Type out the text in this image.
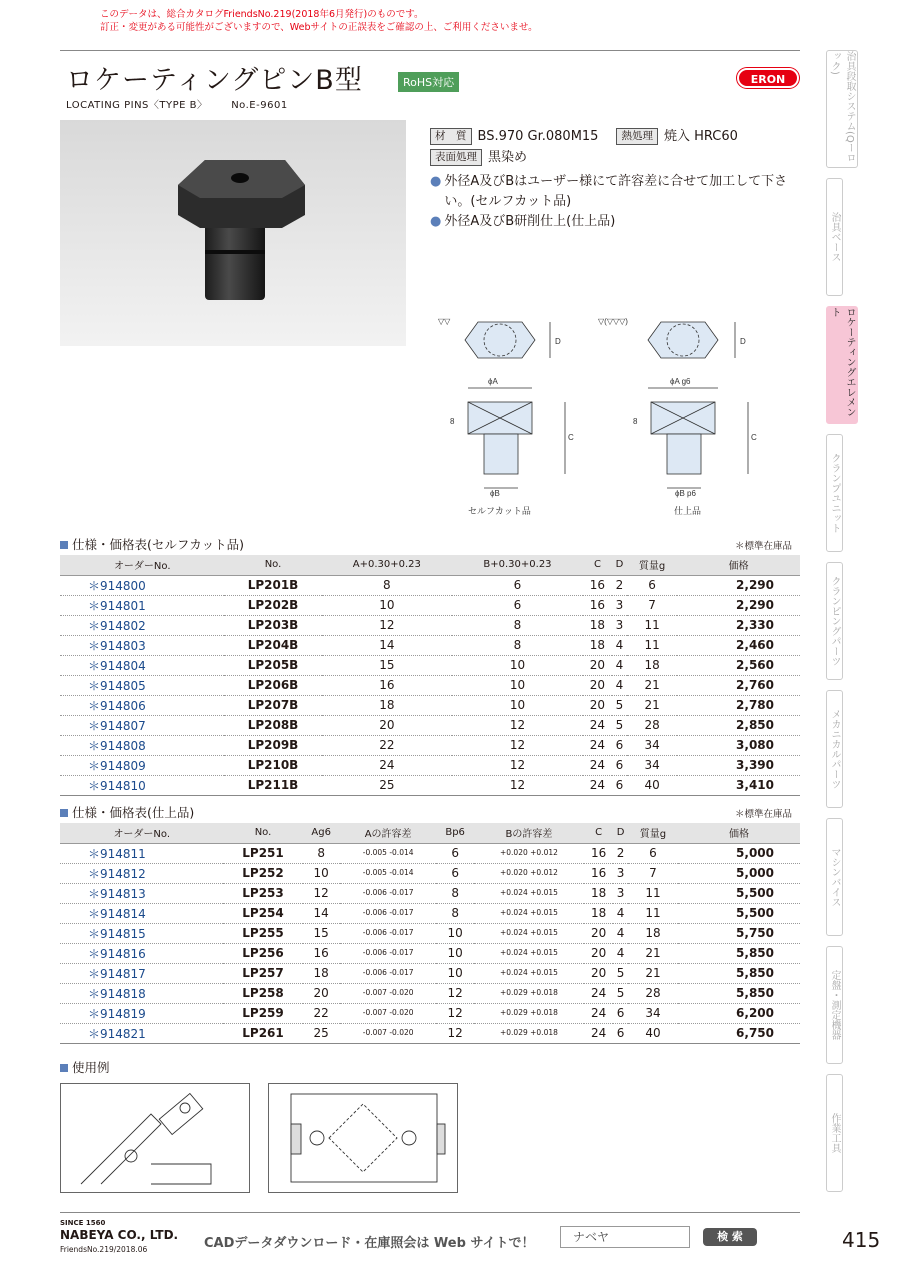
このデータは、総合カタログFriendsNo.219(2018年6月発行)のものです。
訂正・変更がある可能性がございますので、Webサイトの正誤表をご確認の上、ご利用くださいませ。
ロケーティングピンB型	RoHS対応
LOCATING PINS〈TYPE B〉 No.E-9601
ERON
材　質 BS.970 Gr.080M15	熱処理 焼入 HRC60
表面処理 黒染め
● 外径A及びBはユーザー様にて許容差に合せて加工して下さい。(セルフカット品)
● 外径A及びB研削仕上(仕上品)
▽▽
D
ϕA
8
C
ϕB
セルフカット品
▽(▽▽▽)
D
ϕA g6
8
C
ϕB p6
仕上品
仕様・価格表(セルフカット品)	＊標準在庫品
オーダーNo.	No.	A+0.30+0.23	B+0.30+0.23	C	D	質量g	価格
＊914800	LP201B	8	6	16	2	6	2,290
＊914801	LP202B	10	6	16	3	7	2,290
＊914802	LP203B	12	8	18	3	11	2,330
＊914803	LP204B	14	8	18	4	11	2,460
＊914804	LP205B	15	10	20	4	18	2,560
＊914805	LP206B	16	10	20	4	21	2,760
＊914806	LP207B	18	10	20	5	21	2,780
＊914807	LP208B	20	12	24	5	28	2,850
＊914808	LP209B	22	12	24	6	34	3,080
＊914809	LP210B	24	12	24	6	34	3,390
＊914810	LP211B	25	12	24	6	40	3,410
仕様・価格表(仕上品)	＊標準在庫品
オーダーNo.	No.	Ag6	Aの許容差	Bp6	Bの許容差	C	D	質量g	価格
＊914811	LP251	8	-0.005 -0.014	6	+0.020 +0.012	16	2	6	5,000
＊914812	LP252	10	-0.005 -0.014	6	+0.020 +0.012	16	3	7	5,000
＊914813	LP253	12	-0.006 -0.017	8	+0.024 +0.015	18	3	11	5,500
＊914814	LP254	14	-0.006 -0.017	8	+0.024 +0.015	18	4	11	5,500
＊914815	LP255	15	-0.006 -0.017	10	+0.024 +0.015	20	4	18	5,750
＊914816	LP256	16	-0.006 -0.017	10	+0.024 +0.015	20	4	21	5,850
＊914817	LP257	18	-0.006 -0.017	10	+0.024 +0.015	20	5	21	5,850
＊914818	LP258	20	-0.007 -0.020	12	+0.029 +0.018	24	5	28	5,850
＊914819	LP259	22	-0.007 -0.020	12	+0.029 +0.018	24	6	34	6,200
＊914821	LP261	25	-0.007 -0.020	12	+0.029 +0.018	24	6	40	6,750
使用例
治具段取システム(Qーロック)
治具ベース
ロケーティングエレメント
クランプユニット
クランピングパーツ
メカニカルパーツ
マシンバイス
定盤・測定機器
作業工具
SINCE 1560
NABEYA CO., LTD.
FriendsNo.219/2018.06	CADデータダウンロード・在庫照会は Web サイトで！	ナベヤ	検 索	415
